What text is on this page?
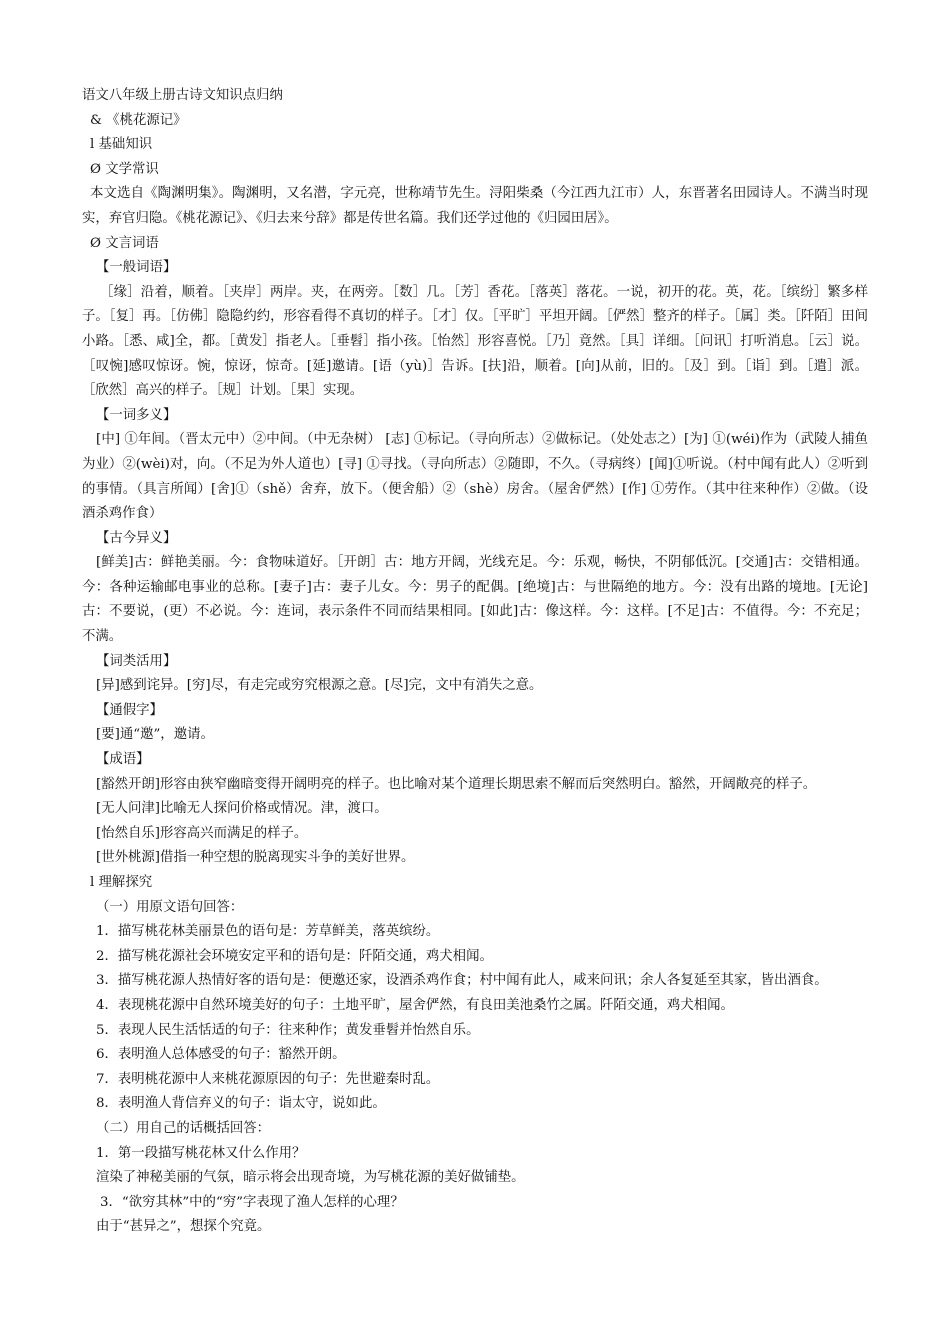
语文八年级上册古诗文知识点归纳

& 《桃花源记》

l 基础知识

Ø 文学常识

本文选自《陶渊明集》。陶渊明，又名潜，字元亮，世称靖节先生。浔阳柴桑（今江西九江市）人，东晋著名田园诗人。不满当时现实，弃官归隐。《桃花源记》、《归去来兮辞》都是传世名篇。我们还学过他的《归园田居》。

Ø 文言词语

【一般词语】

［缘］沿着，顺着。［夹岸］两岸。夹，在两旁。［数］几。［芳］香花。［落英］落花。一说，初开的花。英，花。［缤纷］繁多样子。［复］再。［仿佛］隐隐约约，形容看得不真切的样子。［才］仅。［平旷］平坦开阔。［俨然］整齐的样子。［属］类。［阡陌］田间小路。［悉、咸]全，都。［黄发］指老人。［垂髫］指小孩。［怡然］形容喜悦。［乃］竟然。［具］详细。［问讯］打听消息。［云］说。 ［叹惋]感叹惊讶。惋，惊讶，惊奇。[延]邀请。[语（yù)］告诉。[扶]沿，顺着。[向]从前，旧的。［及］到。［诣］到。［遣］派。［欣然］高兴的样子。［规］计划。［果］实现。

【一词多义】

[中] ①年间。（晋太元中）②中间。（中无杂树） [志] ①标记。（寻向所志）②做标记。（处处志之）[为] ①(wéi)作为（武陵人捕鱼为业）②(wèi)对，向。（不足为外人道也）[寻] ①寻找。（寻向所志）②随即，不久。（寻病终）[闻]①听说。（村中闻有此人）②听到的事情。（具言所闻）[舍]①（shě）舍弃，放下。（便舍船）②（shè）房舍。（屋舍俨然）[作] ①劳作。（其中往来种作）②做。（设酒杀鸡作食）

【古今异义】

[鲜美]古：鲜艳美丽。今：食物味道好。［开朗］古：地方开阔，光线充足。今：乐观，畅快，不阴郁低沉。[交通]古：交错相通。今：各种运输邮电事业的总称。[妻子]古：妻子儿女。今：男子的配偶。[绝境]古：与世隔绝的地方。今：没有出路的境地。[无论]古：不要说，(更）不必说。今：连词，表示条件不同而结果相同。[如此]古：像这样。今：这样。[不足]古：不值得。今：不充足；不满。

【词类活用】

[异]感到诧异。[穷]尽，有走完或穷究根源之意。[尽]完，文中有消失之意。

【通假字】

[要]通“邀”，邀请。

【成语】

[豁然开朗]形容由狭窄幽暗变得开阔明亮的样子。也比喻对某个道理长期思索不解而后突然明白。豁然，开阔敞亮的样子。

[无人问津]比喻无人探问价格或情况。津，渡口。

[怡然自乐]形容高兴而满足的样子。

[世外桃源]借指一种空想的脱离现实斗争的美好世界。

l 理解探究

（一）用原文语句回答：

1．描写桃花林美丽景色的语句是：芳草鲜美，落英缤纷。

2．描写桃花源社会环境安定平和的语句是：阡陌交通，鸡犬相闻。

3．描写桃花源人热情好客的语句是：便邀还家，设酒杀鸡作食；村中闻有此人，咸来问讯；余人各复延至其家，皆出酒食。

4．表现桃花源中自然环境美好的句子：土地平旷，屋舍俨然，有良田美池桑竹之属。阡陌交通，鸡犬相闻。

5．表现人民生活恬适的句子：往来种作；黄发垂髫并怡然自乐。

6．表明渔人总体感受的句子：豁然开朗。

7．表明桃花源中人来桃花源原因的句子：先世避秦时乱。

8．表明渔人背信弃义的句子：诣太守，说如此。

（二）用自己的话概括回答：

1．第一段描写桃花林又什么作用？

渲染了神秘美丽的气氛，暗示将会出现奇境，为写桃花源的美好做铺垫。

3．“欲穷其林”中的“穷”字表现了渔人怎样的心理？

由于“甚异之”，想探个究竟。
